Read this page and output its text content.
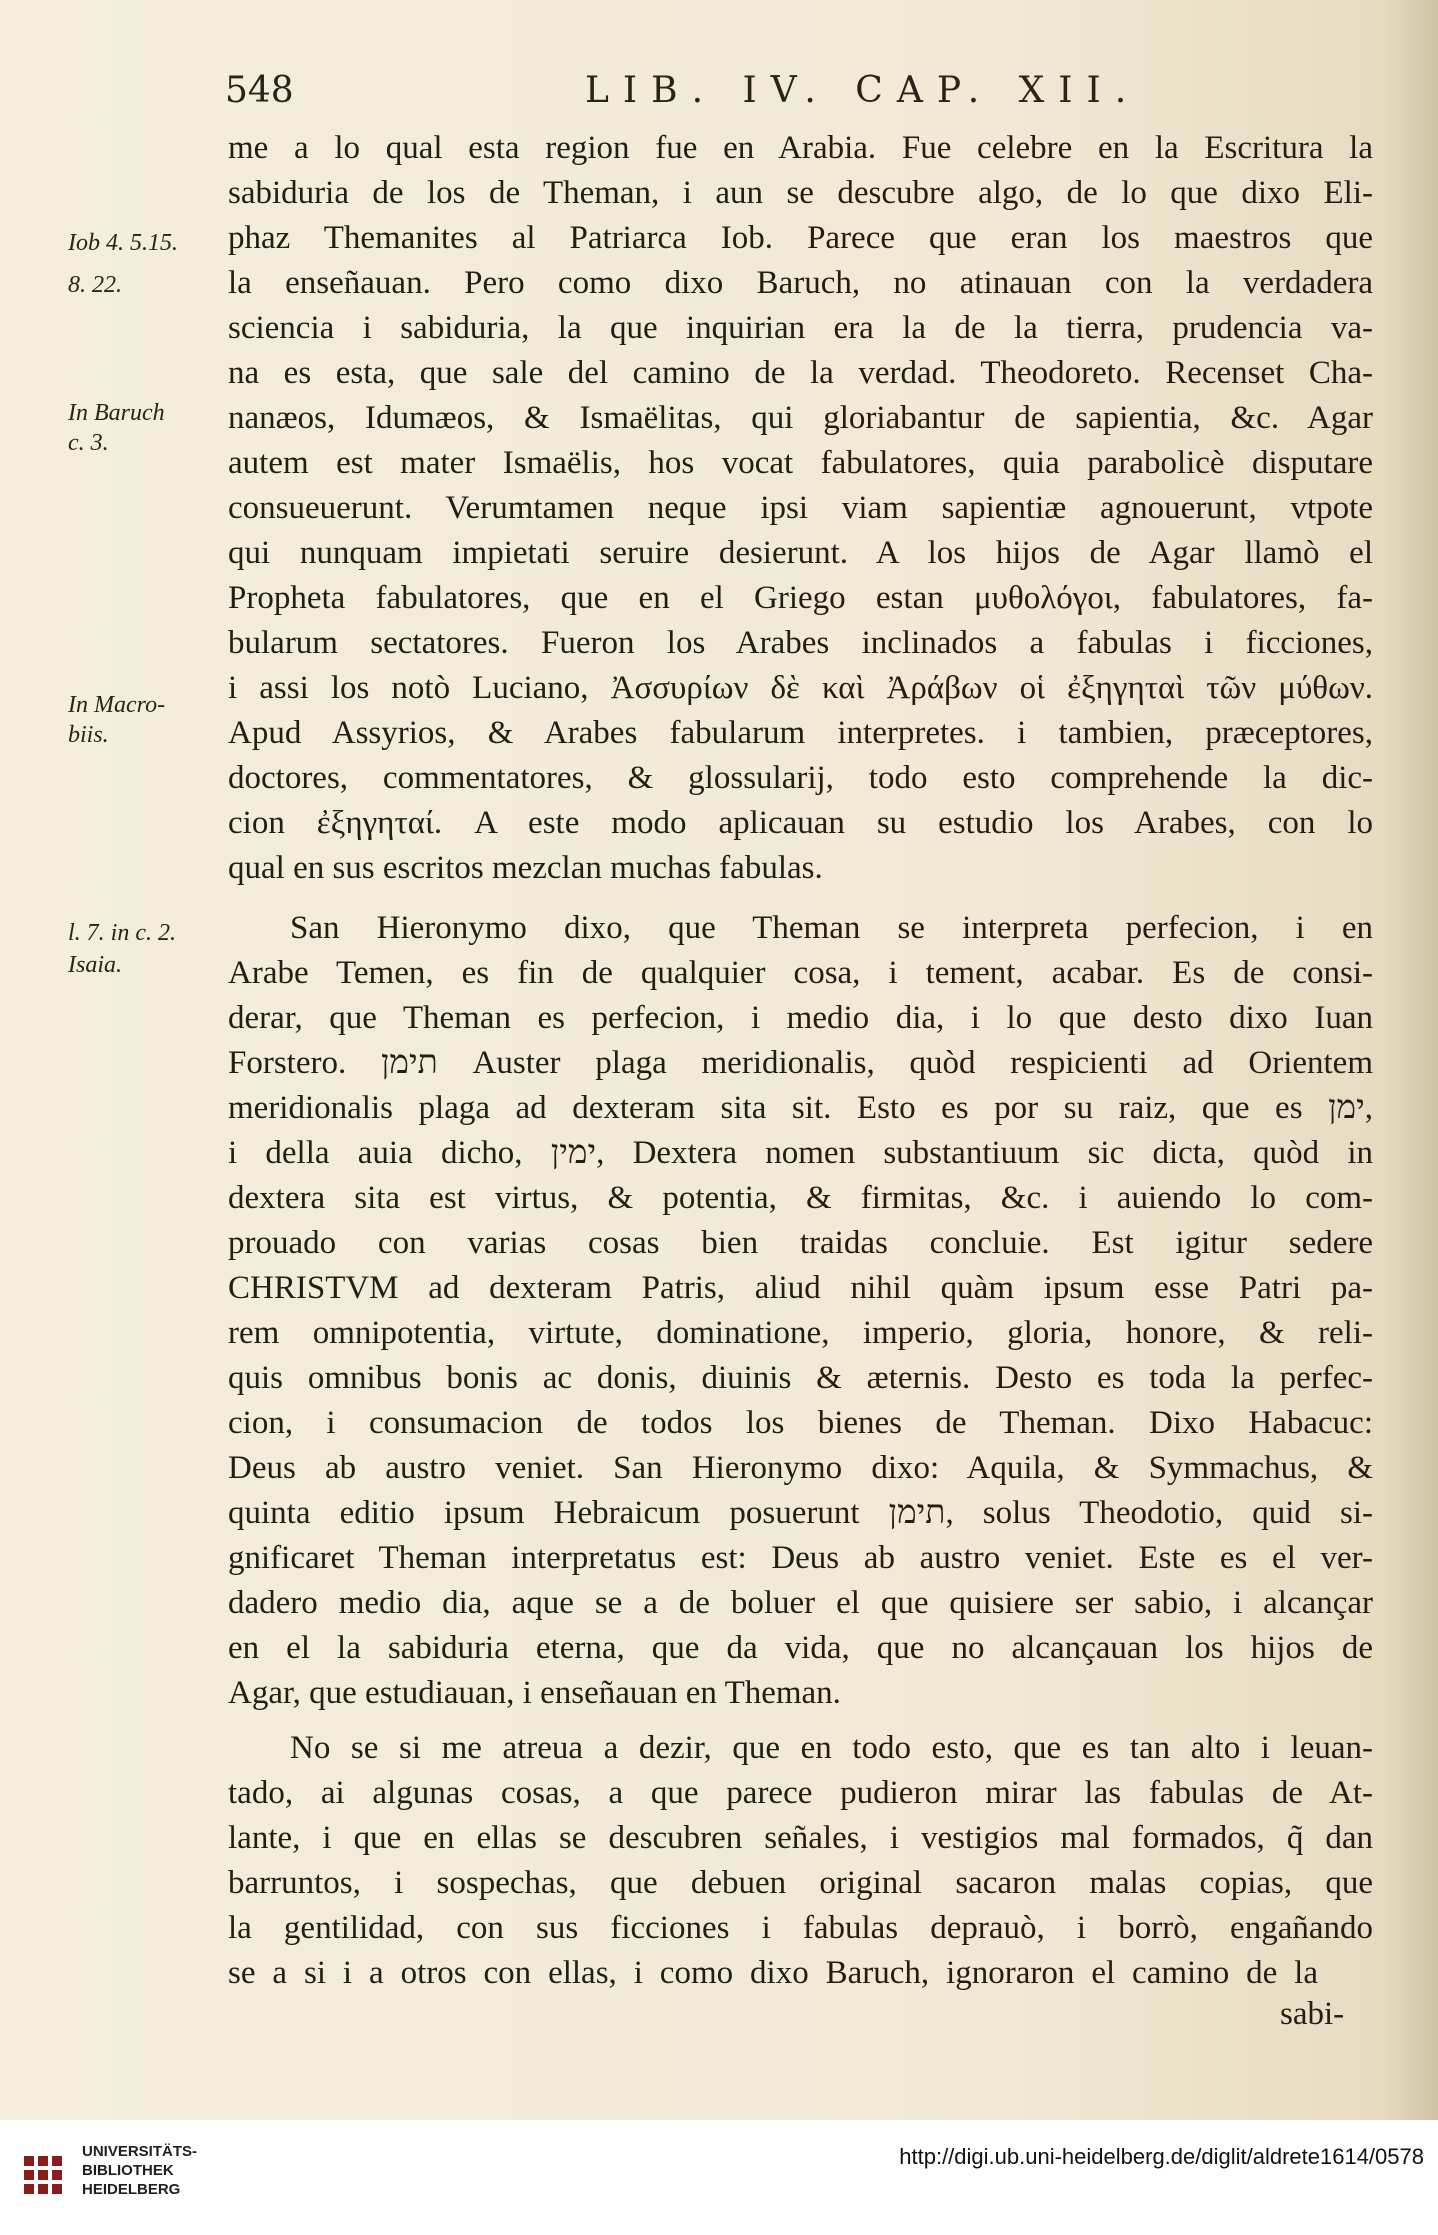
548	LIB. IV. CAP. XII.
Iob 4. 5.15.
8. 22.
In Baruch
c. 3.
In Macro-
biis.
l. 7. in c. 2.
Isaia.
me a lo qual esta region fue en Arabia. Fue celebre en la Escritura la
sabiduria de los de Theman, i aun se descubre algo, de lo que dixo Eli-
phaz Themanites al Patriarca Iob. Parece que eran los maestros que
la enseñauan. Pero como dixo Baruch, no atinauan con la verdadera
sciencia i sabiduria, la que inquirian era la de la tierra, prudencia va-
na es esta, que sale del camino de la verdad. Theodoreto. Recenset Cha-
nanæos, Idumæos, & Ismaëlitas, qui gloriabantur de sapientia, &c. Agar
autem est mater Ismaëlis, hos vocat fabulatores, quia parabolicè disputare
consueuerunt. Verumtamen neque ipsi viam sapientiæ agnouerunt, vtpote
qui nunquam impietati seruire desierunt. A los hijos de Agar llamò el
Propheta fabulatores, que en el Griego estan μυθολόγοι, fabulatores, fa-
bularum sectatores. Fueron los Arabes inclinados a fabulas i ficciones,
i assi los notò Luciano, Ἀσσυρίων δὲ καὶ Ἀράβων οἱ ἐξηγηταὶ τῶν μύθων.
Apud Assyrios, & Arabes fabularum interpretes. i tambien, præceptores,
doctores, commentatores, & glossularij, todo esto comprehende la dic-
cion ἐξηγηταί. A este modo aplicauan su estudio los Arabes, con lo
qual en sus escritos mezclan muchas fabulas.
San Hieronymo dixo, que Theman se interpreta perfecion, i en
Arabe Temen, es fin de qualquier cosa, i tement, acabar. Es de consi-
derar, que Theman es perfecion, i medio dia, i lo que desto dixo Iuan
Forstero. תימן Auster plaga meridionalis, quòd respicienti ad Orientem
meridionalis plaga ad dexteram sita sit. Esto es por su raiz, que es ימן,
i della auia dicho, ימין, Dextera nomen substantiuum sic dicta, quòd in
dextera sita est virtus, & potentia, & firmitas, &c. i auiendo lo com-
prouado con varias cosas bien traidas concluie. Est igitur sedere
CHRISTVM ad dexteram Patris, aliud nihil quàm ipsum esse Patri pa-
rem omnipotentia, virtute, dominatione, imperio, gloria, honore, & reli-
quis omnibus bonis ac donis, diuinis & æternis. Desto es toda la perfec-
cion, i consumacion de todos los bienes de Theman. Dixo Habacuc:
Deus ab austro veniet. San Hieronymo dixo: Aquila, & Symmachus, &
quinta editio ipsum Hebraicum posuerunt תימן, solus Theodotio, quid si-
gnificaret Theman interpretatus est: Deus ab austro veniet. Este es el ver-
dadero medio dia, aque se a de boluer el que quisiere ser sabio, i alcançar
en el la sabiduria eterna, que da vida, que no alcançauan los hijos de
Agar, que estudiauan, i enseñauan en Theman.
No se si me atreua a dezir, que en todo esto, que es tan alto i leuan-
tado, ai algunas cosas, a que parece pudieron mirar las fabulas de At-
lante, i que en ellas se descubren señales, i vestigios mal formados, q̃ dan
barruntos, i sospechas, que debuen original sacaron malas copias, que
la gentilidad, con sus ficciones i fabulas deprauò, i borrò, engañando
se a si i a otros con ellas, i como dixo Baruch, ignoraron el camino de la
sabi-
UNIVERSITÄTS-
BIBLIOTHEK
HEIDELBERG
http://digi.ub.uni-heidelberg.de/diglit/aldrete1614/0578
